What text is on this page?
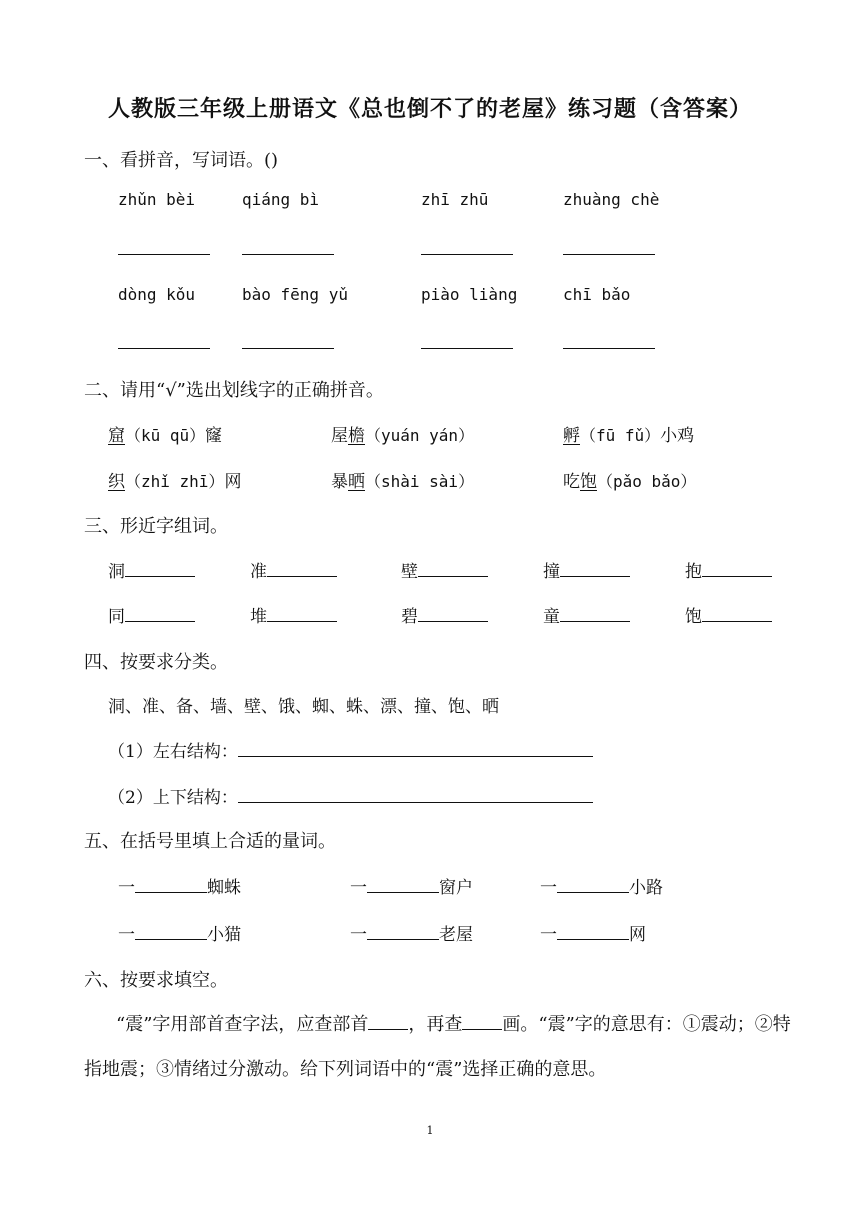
人教版三年级上册语文《总也倒不了的老屋》练习题（含答案）
一、看拼音，写词语。()
zhǔn bèi	qiáng bì	zhī zhū	zhuàng chè
dòng kǒu	bào fēng yǔ	piào liàng	chī bǎo
二、请用“√”选出划线字的正确拼音。
窟（kū qū）窿	屋檐（yuán yán）	孵（fū fǔ）小鸡
织（zhǐ zhī）网	暴晒（shài sài）	吃饱（pǎo bǎo）
三、形近字组词。
洞	准	壁	撞	抱
同	堆	碧	童	饱
四、按要求分类。
洞、准、备、墙、壁、饿、蜘、蛛、漂、撞、饱、晒
（1）左右结构：
（2）上下结构：
五、在括号里填上合适的量词。
一	蜘蛛	一	窗户	一	小路
一	小猫	一	老屋	一	网
六、按要求填空。
“震”字用部首查字法，应查部首 ，再查 画。“震”字的意思有：①震动；②特指地震；③情绪过分激动。给下列词语中的“震”选择正确的意思。
1
